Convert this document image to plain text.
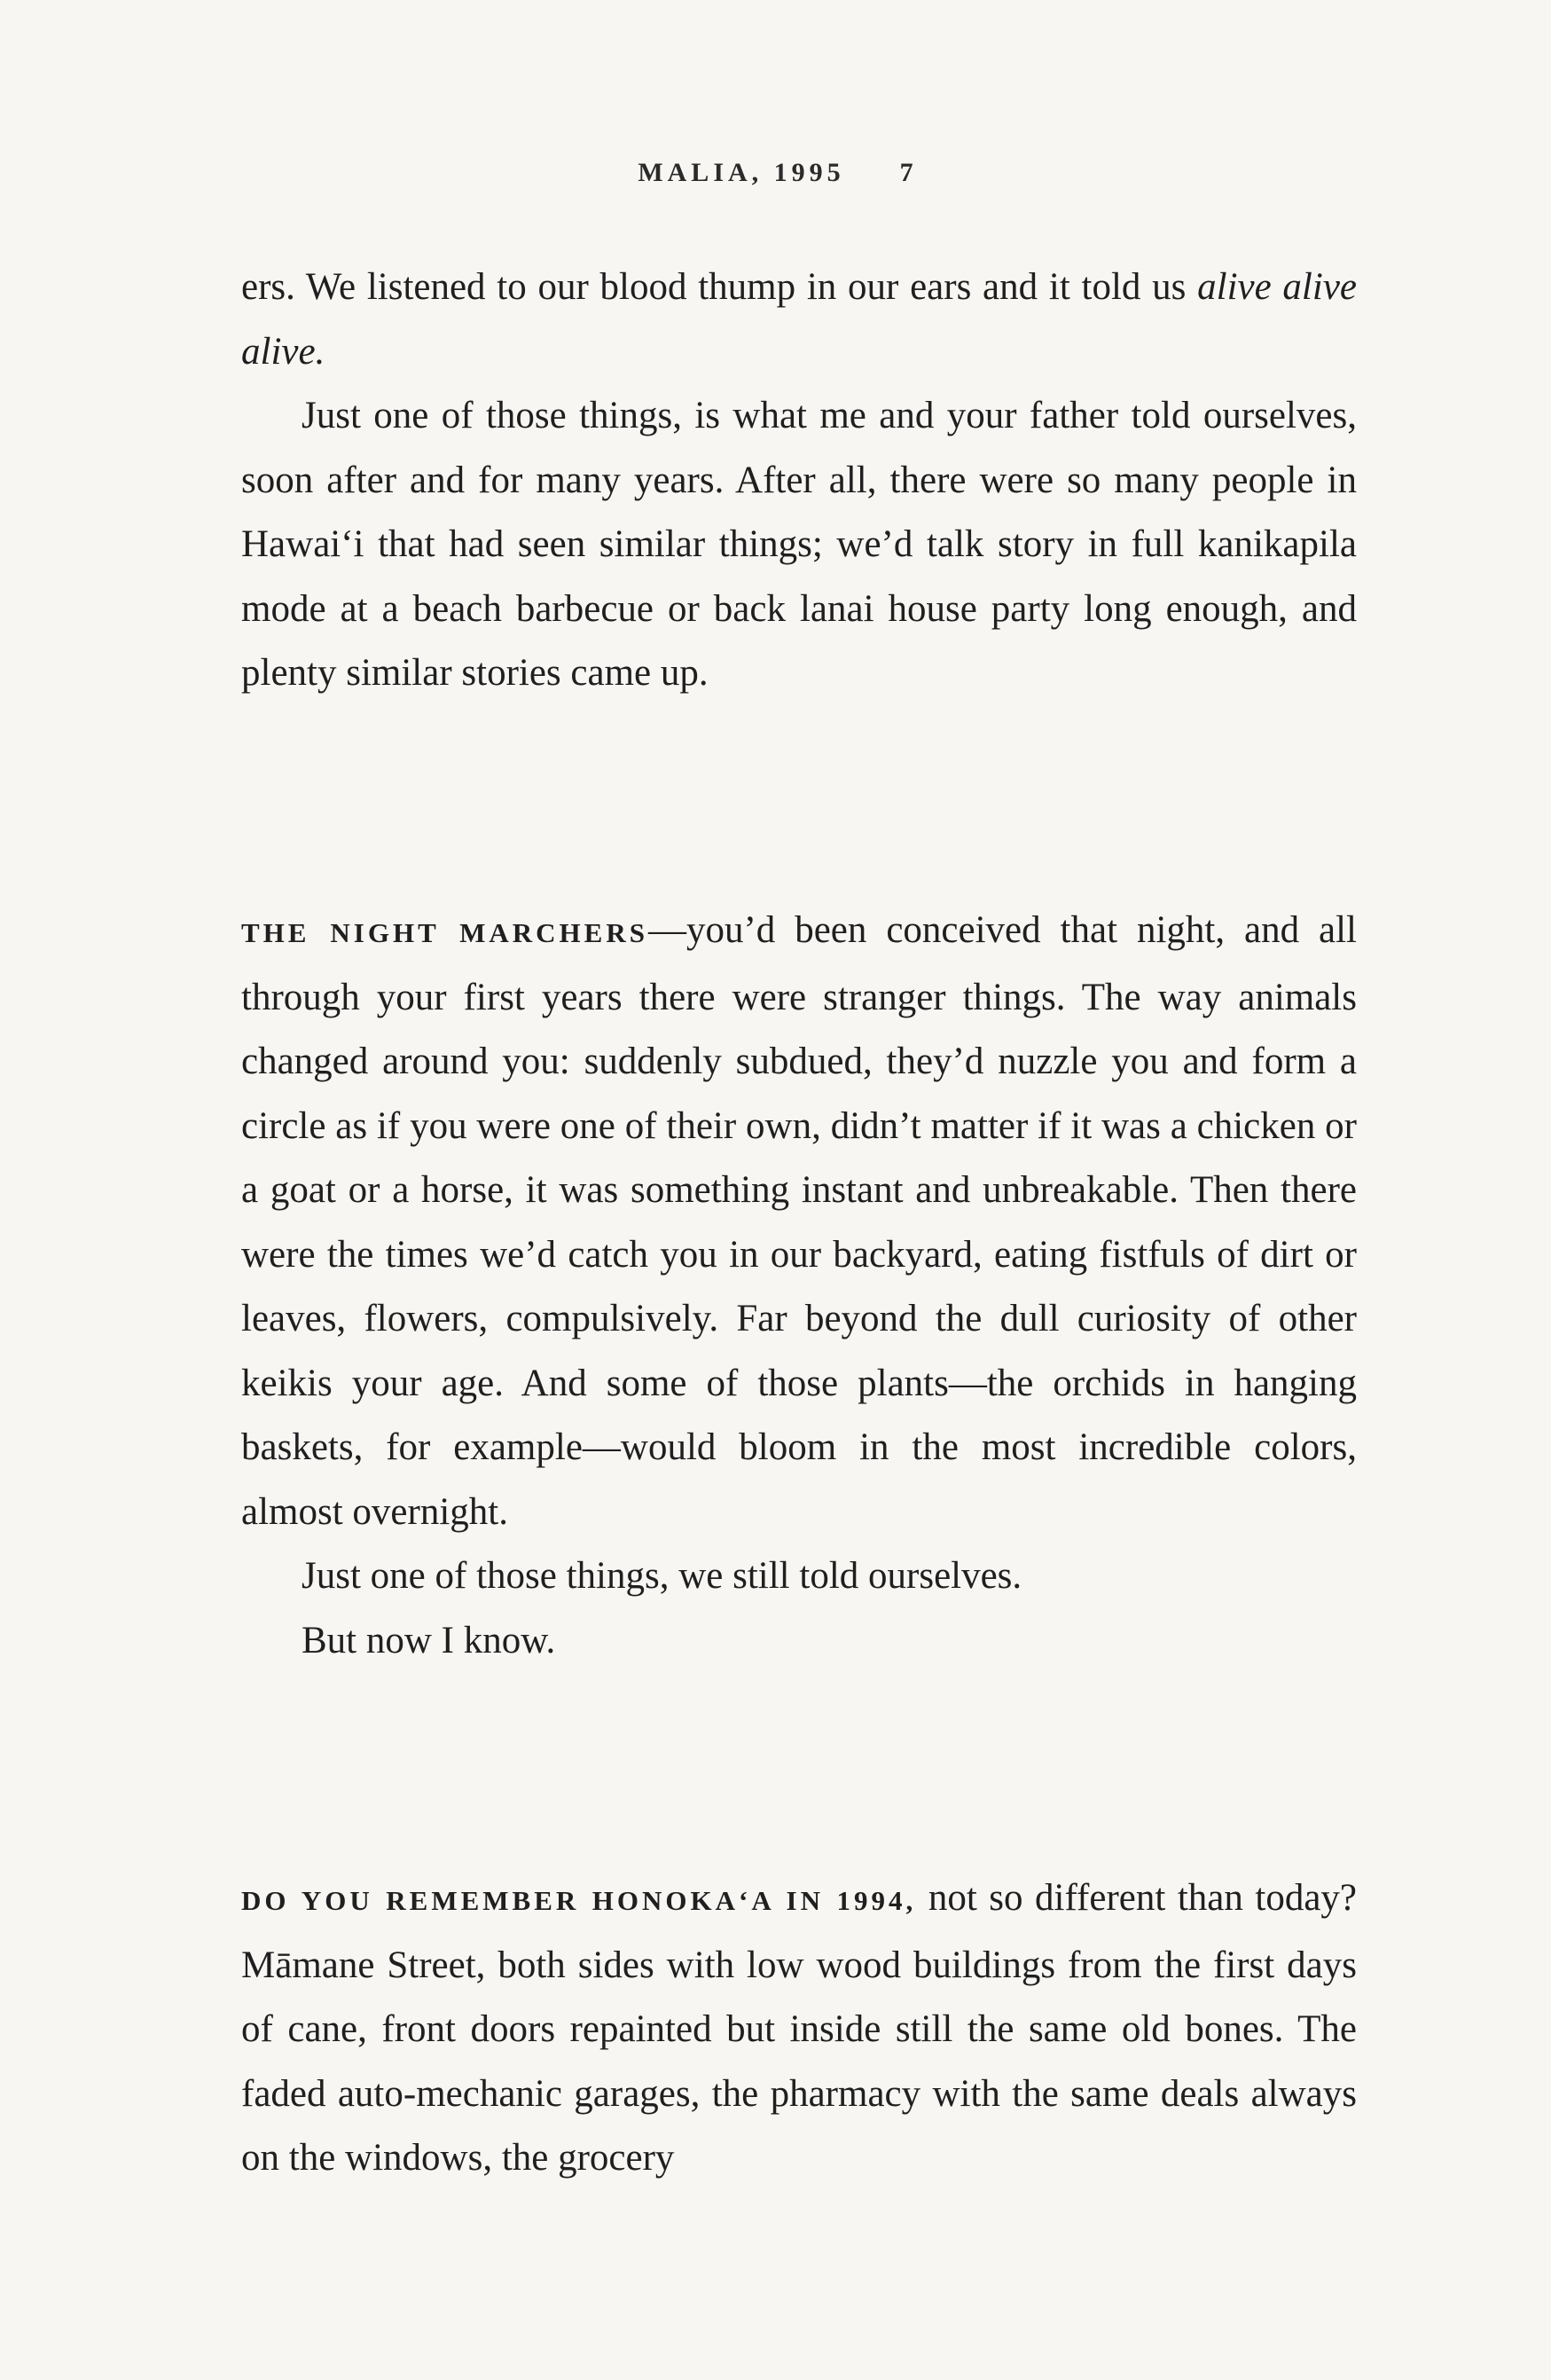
MALIA, 1995 7

ers. We listened to our blood thump in our ears and it told us alive alive alive.

Just one of those things, is what me and your father told ourselves, soon after and for many years. After all, there were so many people in Hawai‘i that had seen similar things; we’d talk story in full kanikapila mode at a beach barbecue or back lanai house party long enough, and plenty similar stories came up.

THE NIGHT MARCHERS—you’d been conceived that night, and all through your first years there were stranger things. The way animals changed around you: suddenly subdued, they’d nuzzle you and form a circle as if you were one of their own, didn’t matter if it was a chicken or a goat or a horse, it was something instant and unbreakable. Then there were the times we’d catch you in our backyard, eating fistfuls of dirt or leaves, flowers, compulsively. Far beyond the dull curiosity of other keikis your age. And some of those plants—the orchids in hanging baskets, for example—would bloom in the most incredible colors, almost overnight.

Just one of those things, we still told ourselves.

But now I know.

DO YOU REMEMBER HONOKA‘A IN 1994, not so different than today? Māmane Street, both sides with low wood buildings from the first days of cane, front doors repainted but inside still the same old bones. The faded auto-mechanic garages, the pharmacy with the same deals always on the windows, the grocery
